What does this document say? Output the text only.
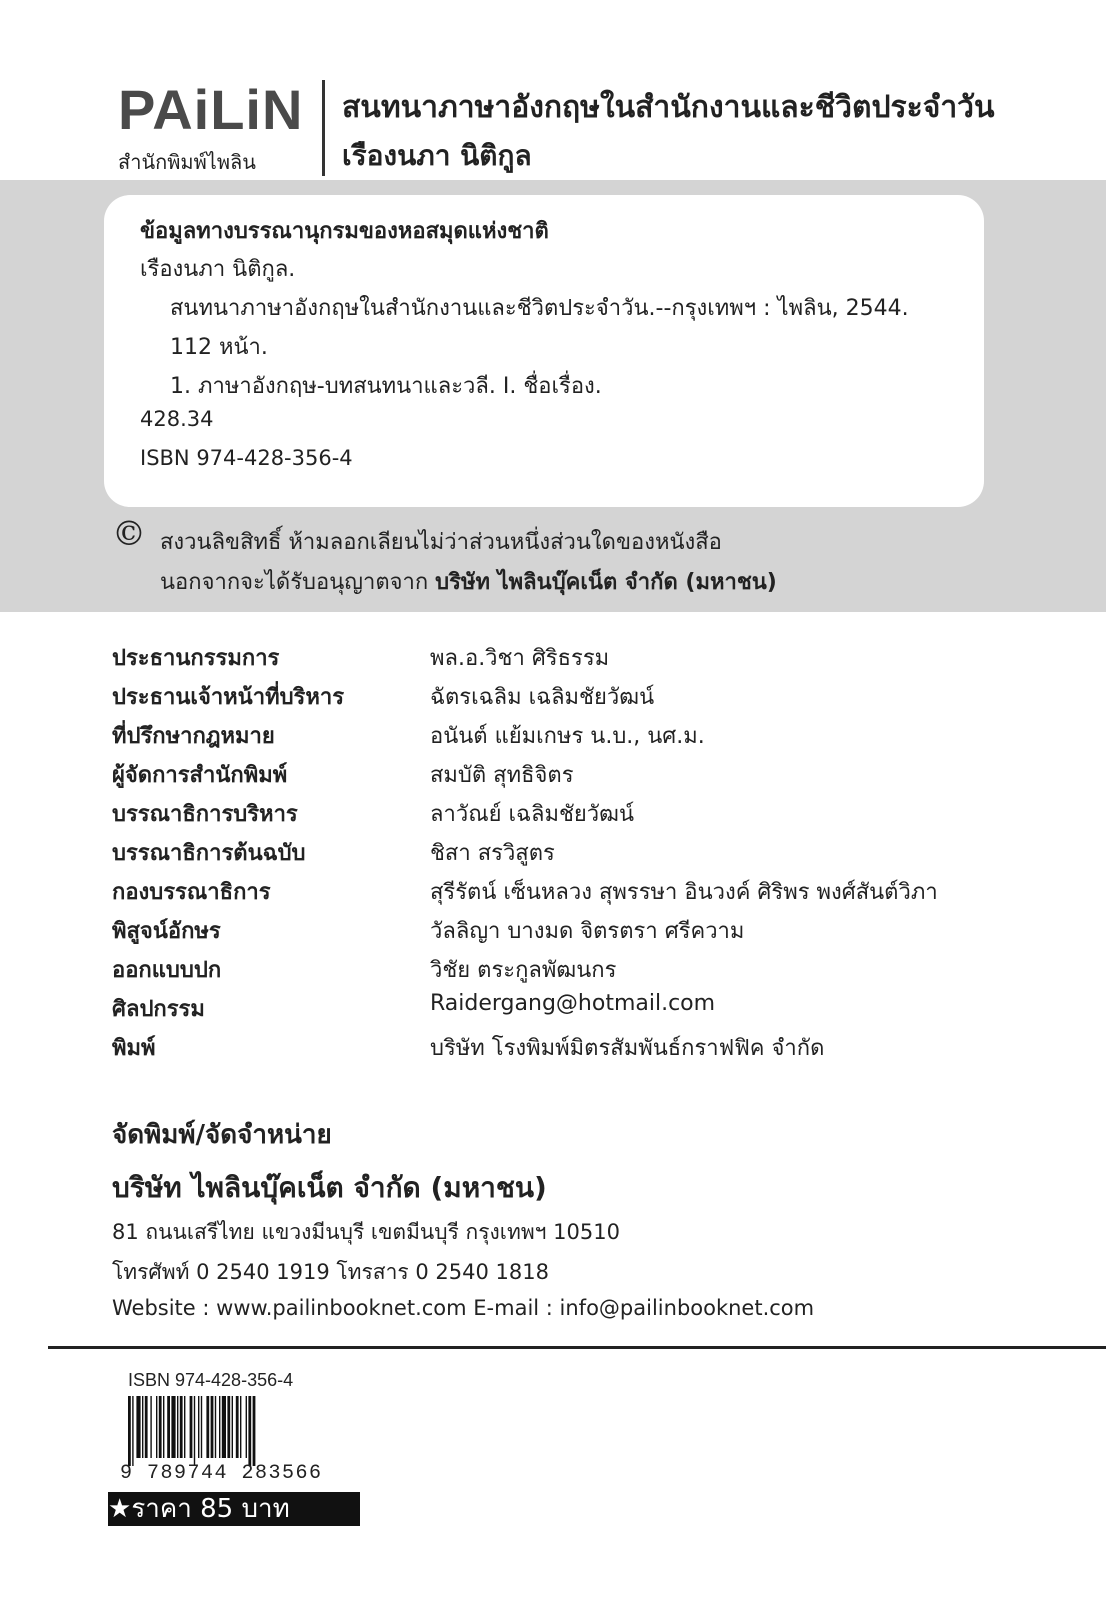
PAiLiN
สำนักพิมพ์ไพลิน
สนทนาภาษาอังกฤษในสำนักงานและชีวิตประจำวัน
เรืองนภา นิติกูล
ข้อมูลทางบรรณานุกรมของหอสมุดแห่งชาติ
เรืองนภา นิติกูล.
สนทนาภาษาอังกฤษในสำนักงานและชีวิตประจำวัน.--กรุงเทพฯ : ไพลิน, 2544.
112 หน้า.
1. ภาษาอังกฤษ-บทสนทนาและวลี. I. ชื่อเรื่อง.
428.34
ISBN 974-428-356-4
© สงวนลิขสิทธิ์ ห้ามลอกเลียนไม่ว่าส่วนหนึ่งส่วนใดของหนังสือ
นอกจากจะได้รับอนุญาตจาก บริษัท ไพลินบุ๊คเน็ต จำกัด (มหาชน)
ประธานกรรมการ	พล.อ.วิชา ศิริธรรม
ประธานเจ้าหน้าที่บริหาร	ฉัตรเฉลิม เฉลิมชัยวัฒน์
ที่ปรึกษากฎหมาย	อนันต์ แย้มเกษร น.บ., นศ.ม.
ผู้จัดการสำนักพิมพ์	สมบัติ สุทธิจิตร
บรรณาธิการบริหาร	ลาวัณย์ เฉลิมชัยวัฒน์
บรรณาธิการต้นฉบับ	ชิสา สรวิสูตร
กองบรรณาธิการ	สุรีรัตน์ เซ็นหลวง สุพรรษา อินวงค์ ศิริพร พงศ์สันต์วิภา
พิสูจน์อักษร	วัลลิญา บางมด จิตรตรา ศรีความ
ออกแบบปก	วิชัย ตระกูลพัฒนกร
ศิลปกรรม	Raidergang@hotmail.com
พิมพ์	บริษัท โรงพิมพ์มิตรสัมพันธ์กราฟฟิค จำกัด
จัดพิมพ์/จัดจำหน่าย
บริษัท ไพลินบุ๊คเน็ต จำกัด (มหาชน)
81 ถนนเสรีไทย แขวงมีนบุรี เขตมีนบุรี กรุงเทพฯ 10510
โทรศัพท์ 0 2540 1919 โทรสาร 0 2540 1818
Website : www.pailinbooknet.com E-mail : info@pailinbooknet.com
ISBN 974-428-356-4
9 789744 283566
★ราคา 85 บาท
